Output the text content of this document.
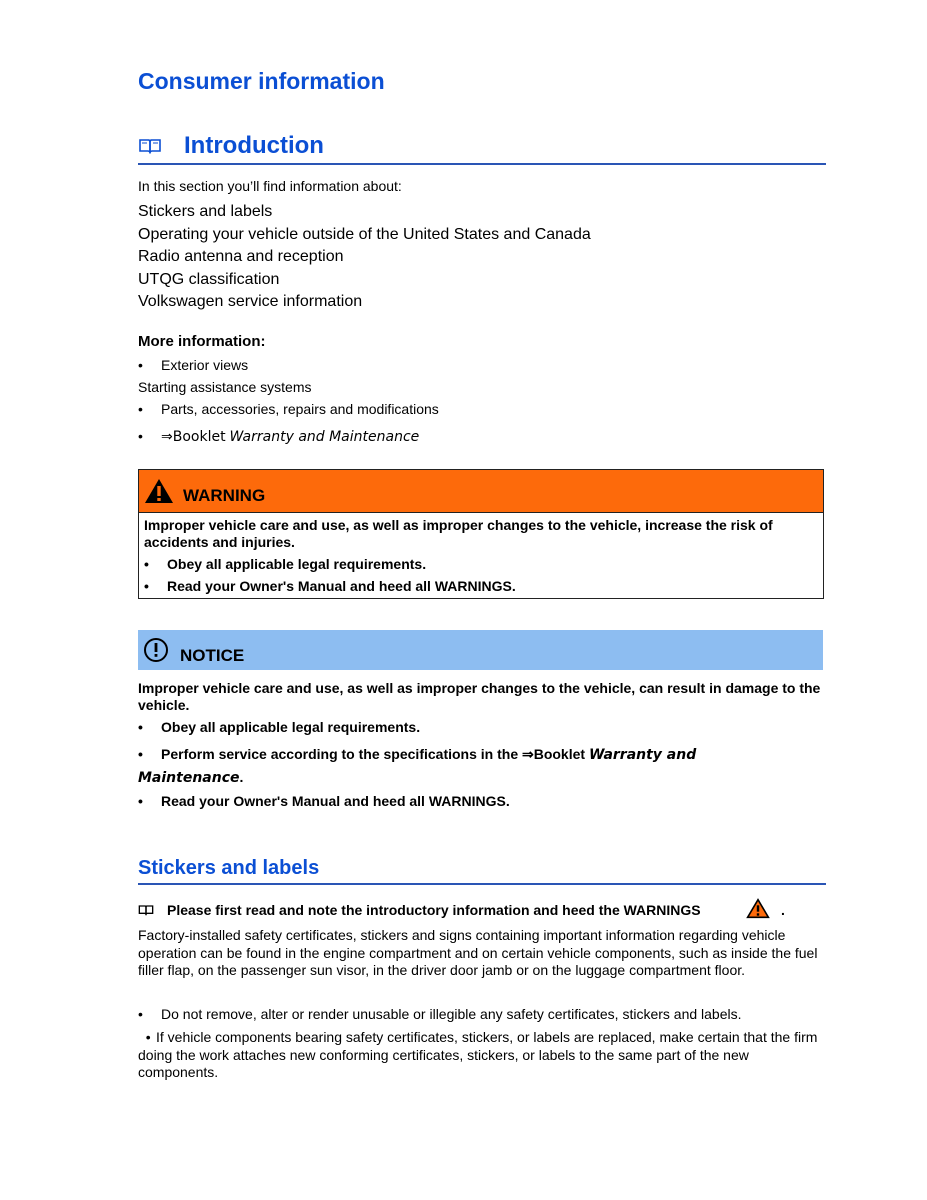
Consumer information
Introduction
In this section you’ll find information about:
Stickers and labels
Operating your vehicle outside of the United States and Canada
Radio antenna and reception
UTQG classification
Volkswagen service information
More information:
• Exterior views
Starting assistance systems
• Parts, accessories, repairs and modifications
• ⇒Booklet Warranty and Maintenance
WARNING
Improper vehicle care and use, as well as improper changes to the vehicle, increase the risk of accidents and injuries.
• Obey all applicable legal requirements.
• Read your Owner's Manual and heed all WARNINGS.
NOTICE
Improper vehicle care and use, as well as improper changes to the vehicle, can result in damage to the vehicle.
• Obey all applicable legal requirements.
• Perform service according to the specifications in the ⇒Booklet Warranty and
Maintenance.
• Read your Owner's Manual and heed all WARNINGS.
Stickers and labels
Please first read and note the introductory information and heed the WARNINGS	.
Factory-installed safety certificates, stickers and signs containing important information regarding vehicle operation can be found in the engine compartment and on certain vehicle components, such as inside the fuel filler flap, on the passenger sun visor, in the driver door jamb or on the luggage compartment floor.
• Do not remove, alter or render unusable or illegible any safety certificates, stickers and labels.
• If vehicle components bearing safety certificates, stickers, or labels are replaced, make certain that the firm doing the work attaches new conforming certificates, stickers, or labels to the same part of the new components.
